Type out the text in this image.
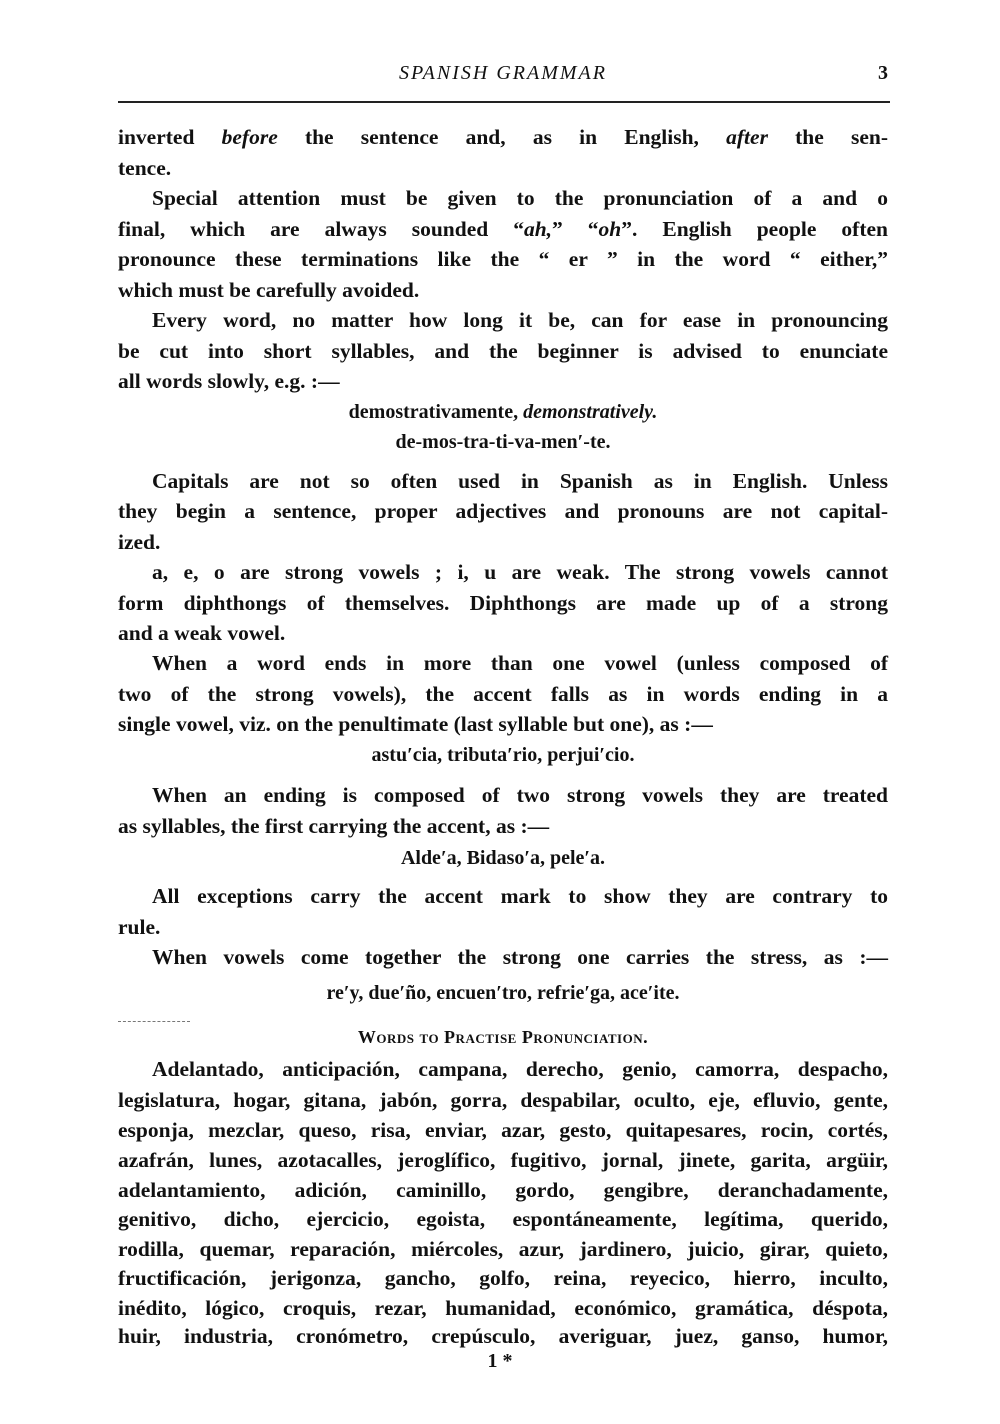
SPANISH GRAMMAR	3
inverted before the sentence and, as in English, after the sen-
tence.
Special attention must be given to the pronunciation of a and o
final, which are always sounded “ah,” “oh”. English people often
pronounce these terminations like the “ er ” in the word “ either,”
which must be carefully avoided.
Every word, no matter how long it be, can for ease in pronouncing
be cut into short syllables, and the beginner is advised to enunciate
all words slowly, e.g. :—
demostrativamente, demonstratively.
de-mos-tra-ti-va-men′-te.
Capitals are not so often used in Spanish as in English. Unless
they begin a sentence, proper adjectives and pronouns are not capital-
ized.
a, e, o are strong vowels ; i, u are weak. The strong vowels cannot
form diphthongs of themselves. Diphthongs are made up of a strong
and a weak vowel.
When a word ends in more than one vowel (unless composed of
two of the strong vowels), the accent falls as in words ending in a
single vowel, viz. on the penultimate (last syllable but one), as :—
astu′cia, tributa′rio, perjui′cio.
When an ending is composed of two strong vowels they are treated
as syllables, the first carrying the accent, as :—
Alde′a, Bidaso′a, pele′a.
All exceptions carry the accent mark to show they are contrary to
rule.
When vowels come together the strong one carries the stress, as :—
re′y, due′ño, encuen′tro, refrie′ga, ace′ite.
Words to Practise Pronunciation.
Adelantado, anticipación, campana, derecho, genio, camorra, despacho,
legislatura, hogar, gitana, jabón, gorra, despabilar, oculto, eje, efluvio, gente,
esponja, mezclar, queso, risa, enviar, azar, gesto, quitapesares, rocin, cortés,
azafrán, lunes, azotacalles, jeroglífico, fugitivo, jornal, jinete, garita, argüir,
adelantamiento, adición, caminillo, gordo, gengibre, deranchadamente,
genitivo, dicho, ejercicio, egoista, espontáneamente, legítima, querido,
rodilla, quemar, reparación, miércoles, azur, jardinero, juicio, girar, quieto,
fructificación, jerigonza, gancho, golfo, reina, reyecico, hierro, inculto,
inédito, lógico, croquis, rezar, humanidad, económico, gramática, déspota,
huir, industria, cronómetro, crepúsculo, averiguar, juez, ganso, humor,
1 *
